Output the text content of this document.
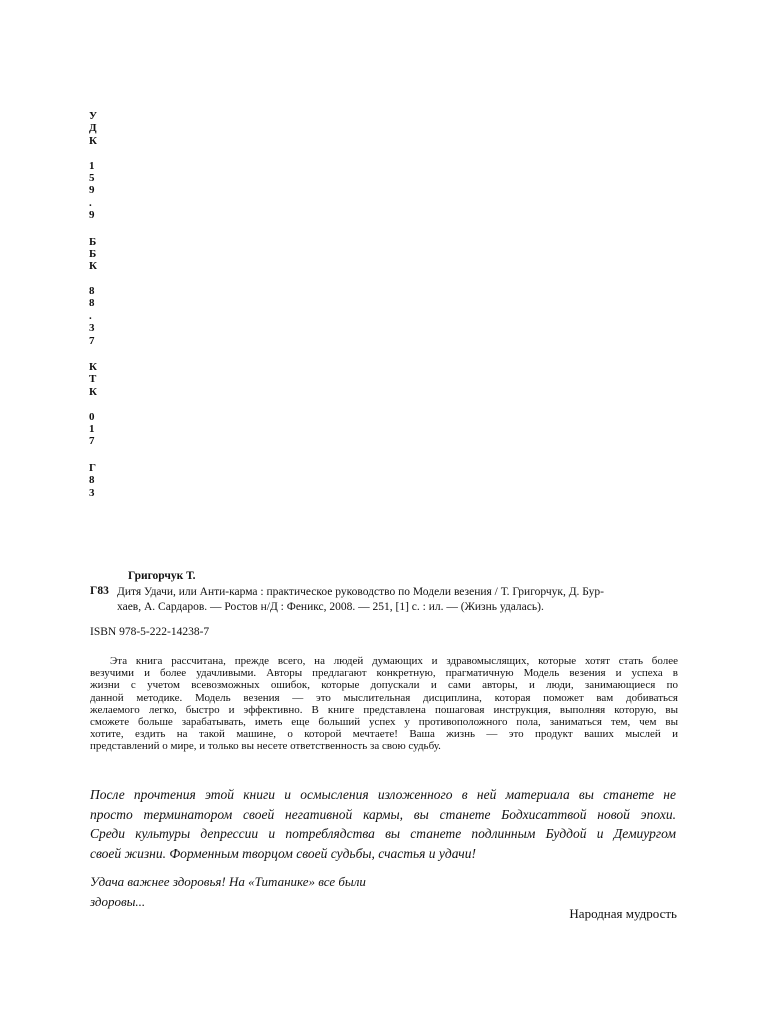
У
Д
К

1
5
9
.
9
Б
Б
К

8
8
.
3
7
К
Т
К

0
1
7
Г
8
3
Григорчук Т.
Г83 Дитя Удачи, или Анти-карма : практическое руководство по Модели везения / Т. Григорчук, Д. Бур-
хаев, А. Сардаров. — Ростов н/Д : Феникс, 2008. — 251, [1] с. : ил. — (Жизнь удалась).
ISBN 978-5-222-14238-7
Эта книга рассчитана, прежде всего, на людей думающих и здравомыслящих, которые хотят стать более
везучими и более удачливыми. Авторы предлагают конкретную, прагматичную Модель везения и успеха в
жизни с учетом всевозможных ошибок, которые допускали и сами авторы, и люди, занимающиеся по
данной методике. Модель везения — это мыслительная дисциплина, которая поможет вам добиваться
желаемого легко, быстро и эффективно. В книге представлена пошаговая инструкция, выполняя которую, вы
сможете больше зарабатывать, иметь еще больший успех у противоположного пола, заниматься тем, чем вы
хотите, ездить на такой машине, о которой мечтаете! Ваша жизнь — это продукт ваших мыслей и
представлений о мире, и только вы несете ответственность за свою судьбу.
После прочтения этой книги и осмысления изложенного в ней материала вы станете не
просто терминатором своей негативной кармы, вы станете Бодхисаттвой новой эпохи.
Среди культуры депрессии и потреблядства вы станете подлинным Буддой и Демиургом
своей жизни. Форменным творцом своей судьбы, счастья и удачи!
Удача важнее здоровья! На «Титанике» все были
здоровы...
Народная мудрость
